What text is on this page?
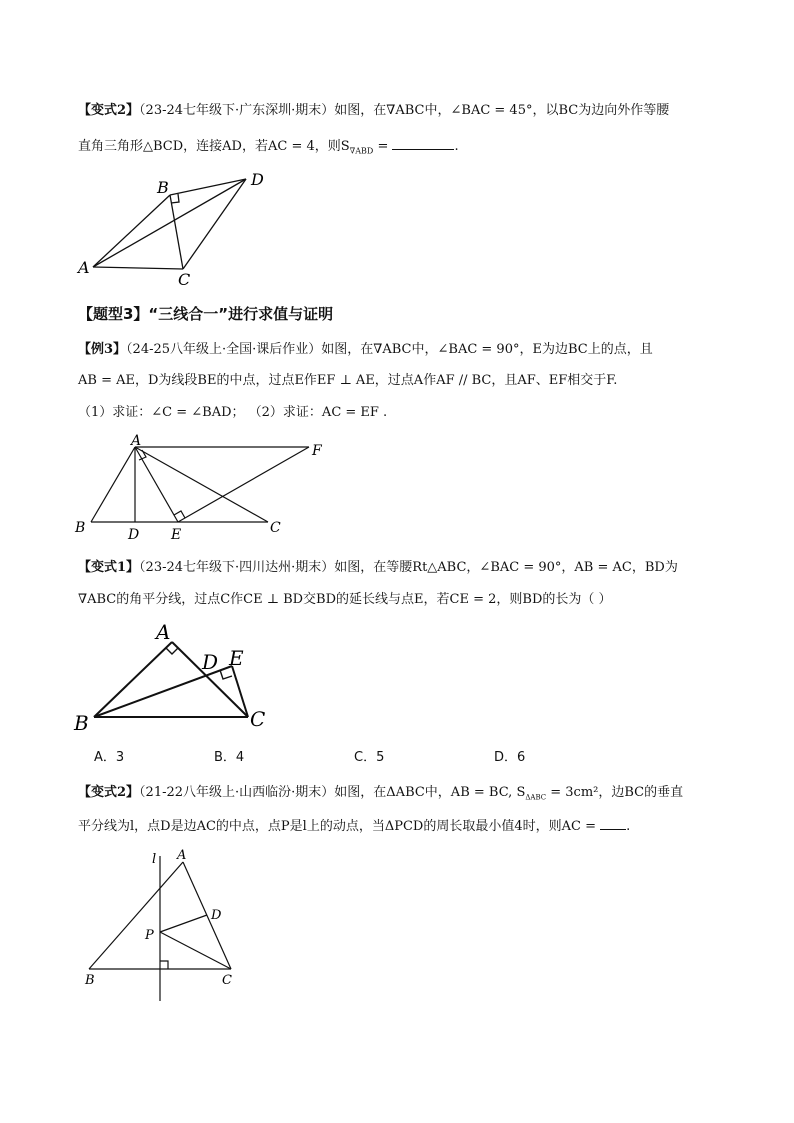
【变式2】（23-24七年级下·广东深圳·期末）如图，在∇ABC中，∠BAC = 45°，以BC为边向外作等腰
直角三角形△BCD，连接AD，若AC = 4，则$S_{\nabla ABD}$ =	.
A
B
C
D
【题型3】“三线合一”进行求值与证明
【例3】（24-25八年级上·全国·课后作业）如图，在∇ABC中，∠BAC = 90°，E为边BC上的点，且
AB = AE，D为线段BE的中点，过点E作EF ⊥ AE，过点A作AF // BC，且AF、EF相交于F.
（1）求证：∠C = ∠BAD； （2）求证：AC = EF .
A
B	D E	C
F
【变式1】（23-24七年级下·四川达州·期末）如图，在等腰Rt△ABC，∠BAC = 90°，AB = AC，BD为
∇ABC的角平分线，过点C作CE ⊥ BD交BD的延长线与点E，若CE = 2，则BD的长为（ ）
A
B	C
D E
A．3	B．4	C．5	D．6
【变式2】（21-22八年级上·山西临汾·期末）如图，在ΔABC中，AB = BC, $S_{\Delta ABC} = 3cm^2$，边BC的垂直
平分线为l，点D是边AC的中点，点P是l上的动点，当ΔPCD的周长取最小值4时，则AC = .
l A
D
P
B	C
